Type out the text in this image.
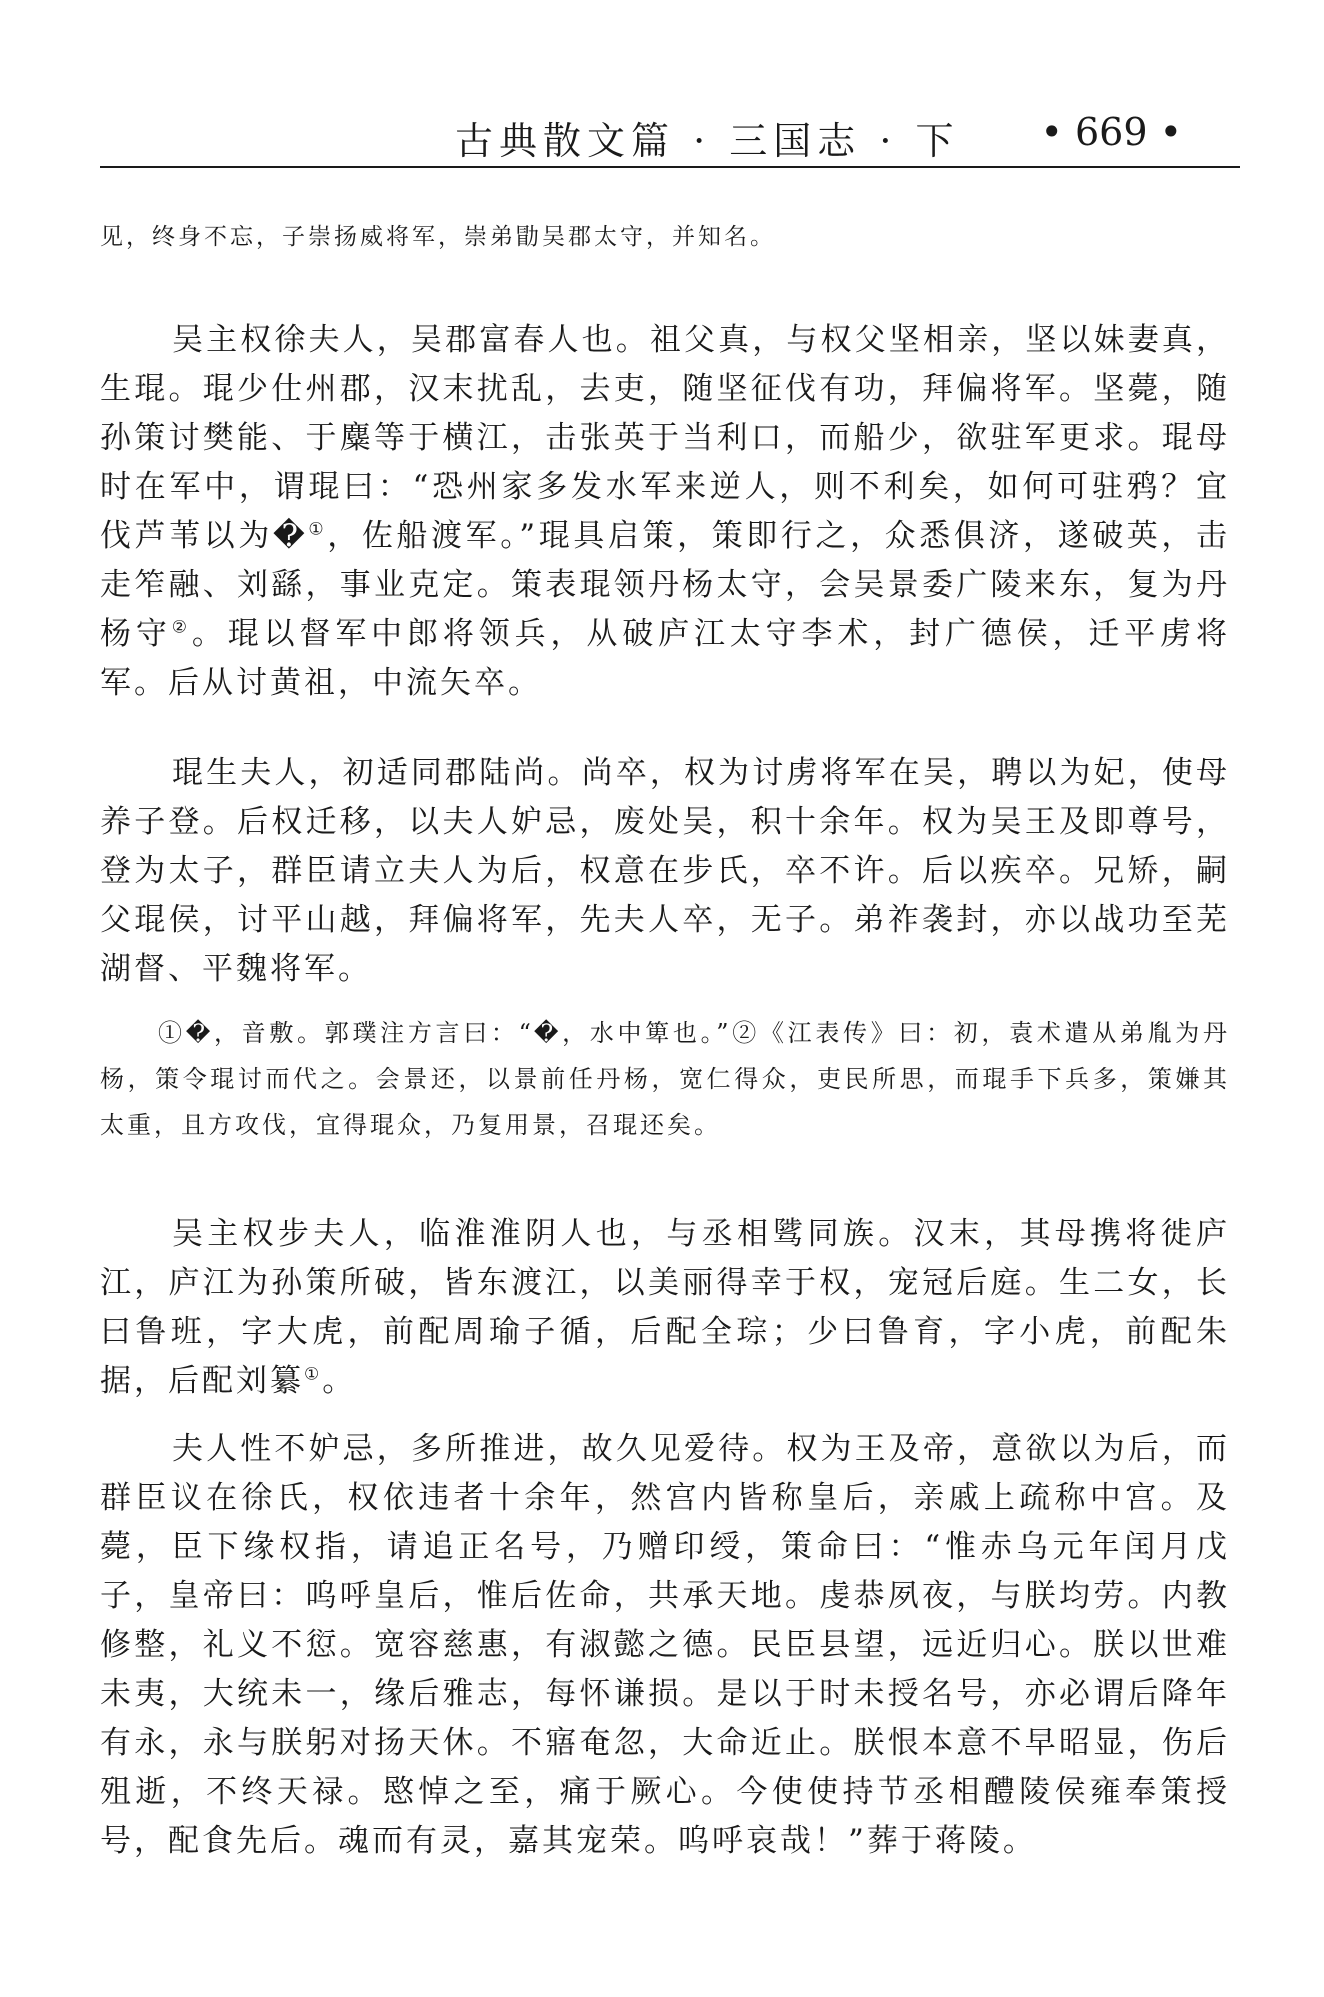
古典散文篇 · 三国志 · 下 • 669 •
见，终身不忘，子崇扬威将军，崇弟勖吴郡太守，并知名。
吴主权徐夫人，吴郡富春人也。祖父真，与权父坚相亲，坚以妹妻真，生琨。琨少仕州郡，汉末扰乱，去吏，随坚征伐有功，拜偏将军。坚薨，随孙策讨樊能、于麋等于横江，击张英于当利口，而船少，欲驻军更求。琨母时在军中，谓琨曰：“恐州家多发水军来逆人，则不利矣，如何可驻鸦？宜伐芦苇以为�①，佐船渡军。”琨具启策，策即行之，众悉俱济，遂破英，击走笮融、刘繇，事业克定。策表琨领丹杨太守，会吴景委广陵来东，复为丹杨守②。琨以督军中郎将领兵，从破庐江太守李术，封广德侯，迁平虏将军。后从讨黄祖，中流矢卒。
琨生夫人，初适同郡陆尚。尚卒，权为讨虏将军在吴，聘以为妃，使母养子登。后权迁移，以夫人妒忌，废处吴，积十余年。权为吴王及即尊号，登为太子，群臣请立夫人为后，权意在步氏，卒不许。后以疾卒。兄矫，嗣父琨侯，讨平山越，拜偏将军，先夫人卒，无子。弟祚袭封，亦以战功至芜湖督、平魏将军。
①�，音敷。郭璞注方言曰：“�，水中箄也。”②《江表传》曰：初，袁术遣从弟胤为丹杨，策令琨讨而代之。会景还，以景前任丹杨，宽仁得众，吏民所思，而琨手下兵多，策嫌其太重，且方攻伐，宜得琨众，乃复用景，召琨还矣。
吴主权步夫人，临淮淮阴人也，与丞相骘同族。汉末，其母携将徙庐江，庐江为孙策所破，皆东渡江，以美丽得幸于权，宠冠后庭。生二女，长曰鲁班，字大虎，前配周瑜子循，后配全琮；少曰鲁育，字小虎，前配朱据，后配刘纂①。
夫人性不妒忌，多所推进，故久见爱待。权为王及帝，意欲以为后，而群臣议在徐氏，权依违者十余年，然宫内皆称皇后，亲戚上疏称中宫。及薨，臣下缘权指，请追正名号，乃赠印绶，策命曰：“惟赤乌元年闰月戊子，皇帝曰：呜呼皇后，惟后佐命，共承天地。虔恭夙夜，与朕均劳。内教修整，礼义不愆。宽容慈惠，有淑懿之德。民臣县望，远近归心。朕以世难未夷，大统未一，缘后雅志，每怀谦损。是以于时未授名号，亦必谓后降年有永，永与朕躬对扬天休。不寤奄忽，大命近止。朕恨本意不早昭显，伤后殂逝，不终天禄。愍悼之至，痛于厥心。今使使持节丞相醴陵侯雍奉策授号，配食先后。魂而有灵，嘉其宠荣。呜呼哀哉！”葬于蒋陵。
